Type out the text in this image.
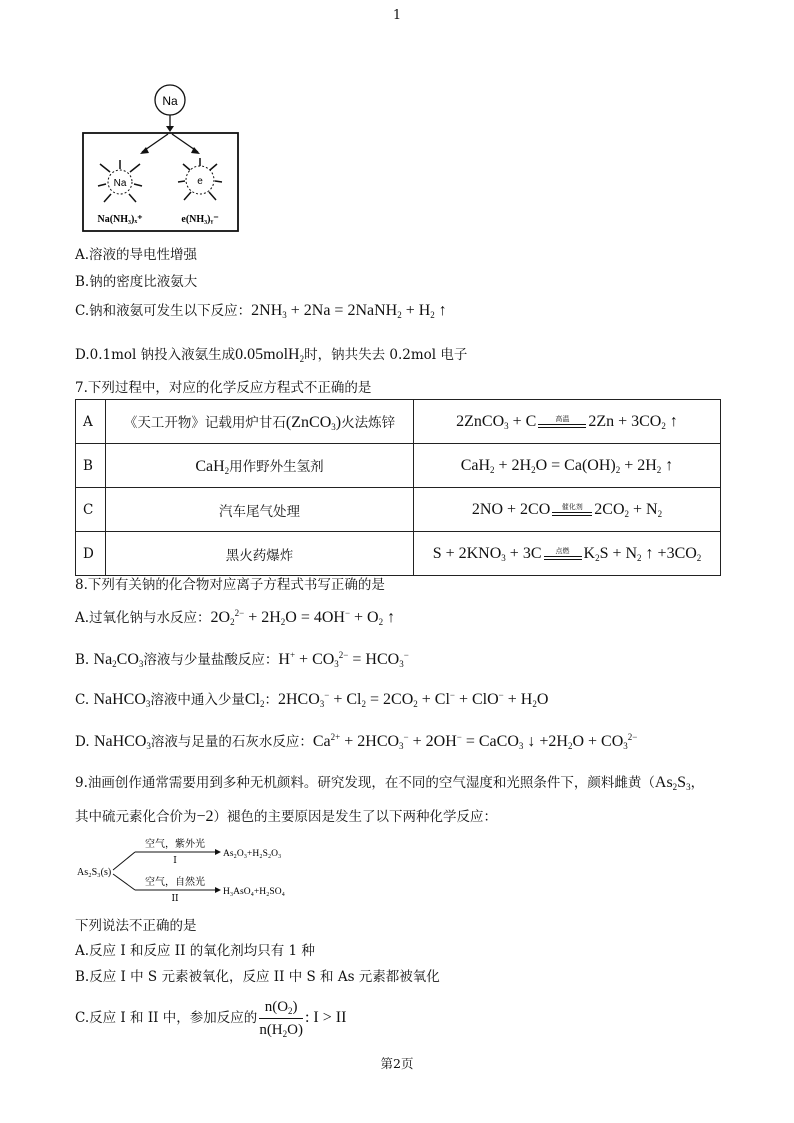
1
Na
Na	e
Na(NH₃)ₓ⁺	e(NH₃)ᵧ⁻
A.溶液的导电性增强
B.钠的密度比液氨大
C.钠和液氨可发生以下反应：$2NH_3 + 2Na$ = 2NaNH$_2$ + $H_2$ ↑
D.0.1mol 钠投入液氨生成0.05molH$_2$时，钠共失去 0.2mol 电子
7.下列过程中，对应的化学反应方程式不正确的是
A	《天工开物》记载用炉甘石(ZnCO$_3$)火法炼锌	2ZnCO$_3$ + C 高温 $2Zn + 3CO_2$ ↑
B	CaH$_2$用作野外生氢剂	$CaH_2 + 2H_2O = Ca(OH)_2 + 2H_2$ ↑
C	汽车尾气处理	2NO + 2CO 催化剂 $2CO_2 + N_2$
D	黑火药爆炸	$S + 2KNO_3 + 3C$ 点燃 $K_2S + N_2$ ↑ $+3CO_2$
8.下列有关钠的化合物对应离子方程式书写正确的是
A.过氧化钠与水反应：$2O_2^{2-} + 2H_2O = 4OH^- + O_2$ ↑
B. $Na_2CO_3$溶液与少量盐酸反应：$H^+ + CO_3^{2-} = HCO_3^-$
C. NaHCO$_3$溶液中通入少量$Cl_2$：$2HCO_3^- + Cl_2 = 2CO_2 + Cl^- + ClO^- + H_2O$
D. NaHCO$_3$溶液与足量的石灰水反应：$Ca^{2+} + 2HCO_3^- + 2OH^-$ = CaCO$_3$ ↓ $+2H_2O + CO_3^{2-}$
9.油画创作通常需要用到多种无机颜料。研究发现，在不同的空气湿度和光照条件下，颜料雌黄（$As_2S_3$，
其中硫元素化合价为−2）褪色的主要原因是发生了以下两种化学反应：
As₂S₃(s)
空气，紫外光
I
As₂O₃+H₂S₂O₃
空气，自然光
II
H₃AsO₄+H₂SO₄
下列说法不正确的是
A.反应 I 和反应 II 的氧化剂均只有 1 种
B.反应 I 中 S 元素被氧化，反应 II 中 S 和 As 元素都被氧化
C.反应 I 和 II 中，参加反应的 $\frac{n(O_2)}{n(H_2O)}$ : I > II
第2页
